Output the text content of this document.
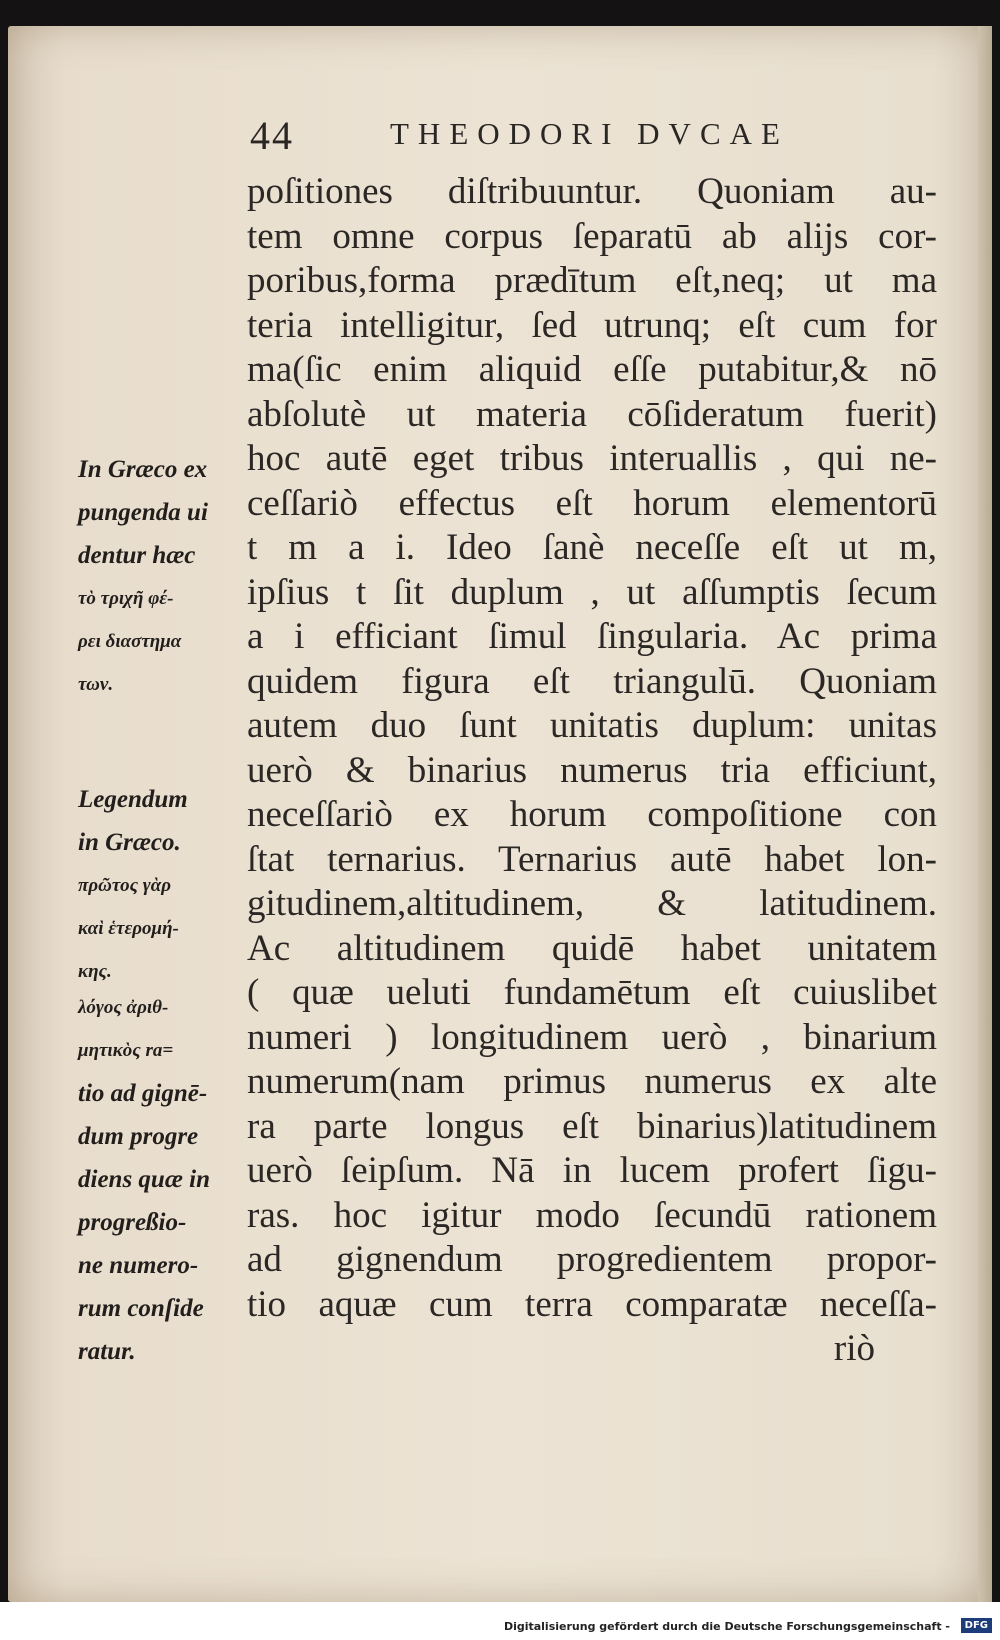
44	THEODORI DVCAE
poſitiones diſtribuuntur. Quoniam au-
tem omne corpus ſeparatū ab alijs cor-
poribus,forma prædītum eſt,neq; ut ma
teria intelligitur, ſed utrunq; eſt cum for
ma(ſic enim aliquid eſſe putabitur,& nō
abſolutè ut materia cōſideratum fuerit)
hoc autē eget tribus interuallis , qui ne-
ceſſariò effectus eſt horum elementorū
t m a i. Ideo ſanè neceſſe eſt ut m,
ipſius t ſit duplum , ut aſſumptis ſecum
a i efficiant ſimul ſingularia. Ac prima
quidem figura eſt triangulū. Quoniam
autem duo ſunt unitatis duplum: unitas
uerò & binarius numerus tria efficiunt,
neceſſariò ex horum compoſitione con
ſtat ternarius. Ternarius autē habet lon-
gitudinem,altitudinem, & latitudinem.
Ac altitudinem quidē habet unitatem
( quæ ueluti fundamētum eſt cuiuslibet
numeri ) longitudinem uerò , binarium
numerum(nam primus numerus ex alte
ra parte longus eſt binarius)latitudinem
uerò ſeipſum. Nā in lucem profert ſigu-
ras. hoc igitur modo ſecundū rationem
ad gignendum progredientem propor-
tio aquæ cum terra comparatæ neceſſa-
riò
In Græco ex
pungenda ui
dentur hæc
τὸ τριχῆ φέ-
ρει διαστημα
των.
Legendum
in Græco.
πρῶτος γὰρ
καὶ ἑτερομή-
κης.
λόγος ἀριθ-
μητικὸς ra=
tio ad gignē-
dum progre
diens quæ in
progreßio-
ne numero-
rum conſide
ratur.
Digitalisierung gefördert durch die Deutsche Forschungsgemeinschaft -	DFG
